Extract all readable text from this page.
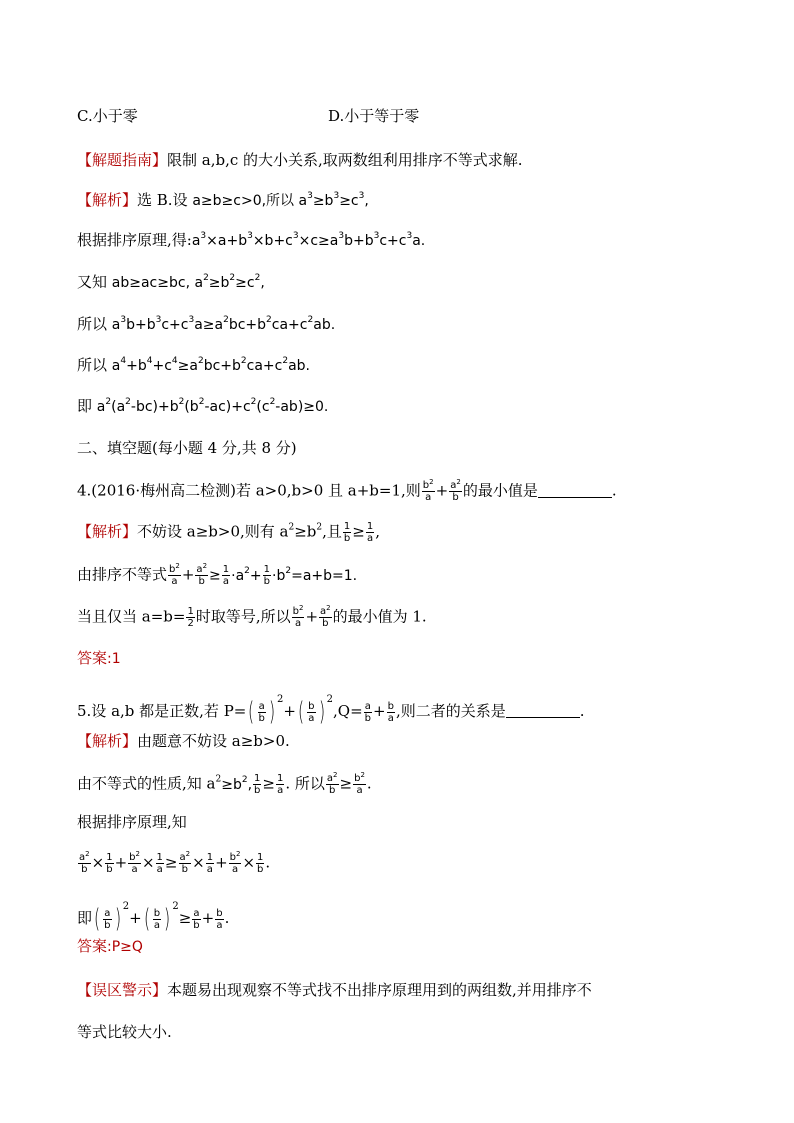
C.小于零	D.小于等于零
【解题指南】限制 a,b,c 的大小关系,取两数组利用排序不等式求解.
【解析】选 B.设 a≥b≥c>0,所以 $a^3\ge b^3\ge c^3$,
根据排序原理,得$:a^3\times a+b^3\times b+c^3\times c\ge a^3b+b^3c+c^3a$.
又知 ab≥ac≥bc, $a^2\ge b^2\ge c^2$,
所以 $a^3b+b^3c+c^3a\ge a^2bc+b^2ca+c^2ab$.
所以 $a^4+b^4+c^4\ge a^2bc+b^2ca+c^2ab$.
即 $a^2(a^2-bc)+b^2(b^2-ac)+c^2(c^2-ab)\ge 0$.
二、填空题(每小题 4 分,共 8 分)
4.(2016·梅州高二检测)若 a>0,b>0 且 a+b=1,则 $\frac{b^2}{a} + \frac{a^2}{b}$ 的最小值是	.
【解析】不妨设 a≥b>0,则有 $a^2\ge b^2$,且 $\frac{1}{b} \ge \frac{1}{a}$ ,
由排序不等式 $\frac{b^2}{a} + \frac{a^2}{b} \ge \frac{1}{a} \cdot a^2+ \frac{1}{b} \cdot b^2=a+b=1$.
当且仅当 $a=b= \frac{1}{2}$ 时取等号,所以 $\frac{b^2}{a} + \frac{a^2}{b}$ 的最小值为 1.
答案:1
5.设 a,b 都是正数,若 $P=( \frac{a}{b}$ ) $^2+( \frac{b}{a}$ ) $^2,Q= \frac{a}{b} + \frac{b}{a}$ ,则二者的关系是	.
【解析】由题意不妨设 a≥b>0.
由不等式的性质,知 $a^2\ge b^2$, $\frac{1}{b} \ge \frac{1}{a}$ . 所以 $\frac{a^2}{b} \ge \frac{b^2}{a}$ .
根据排序原理,知
$\frac{a^2}{b} \times \frac{1}{b} + \frac{b^2}{a} \times \frac{1}{a} \ge \frac{a^2}{b} \times \frac{1}{a} + \frac{b^2}{a} \times \frac{1}{b}$ .
即( $\frac{a}{b}$ ) $^2+( \frac{b}{a}$ ) $^2\ge \frac{a}{b} + \frac{b}{a}$ .
答案:P≥Q
【误区警示】本题易出现观察不等式找不出排序原理用到的两组数,并用排序不
等式比较大小.
